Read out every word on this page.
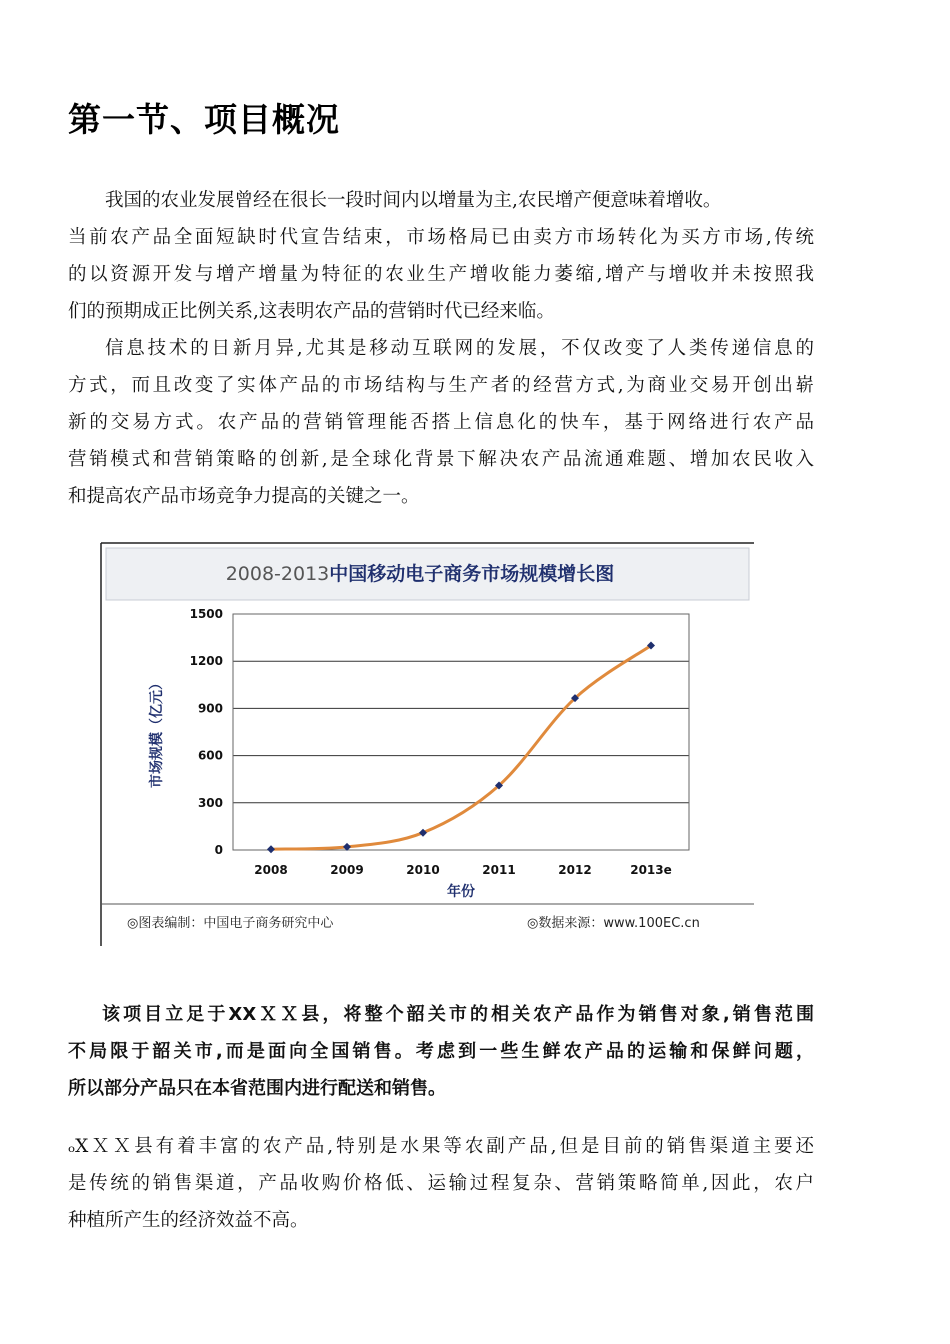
第一节、项目概况
我国的农业发展曾经在很长一段时间内以增量为主,农民增产便意味着增收。
当前农产品全面短缺时代宣告结束，市场格局已由卖方市场转化为买方市场,传统
的以资源开发与增产增量为特征的农业生产增收能力萎缩,增产与增收并未按照我
们的预期成正比例关系,这表明农产品的营销时代已经来临。
信息技术的日新月异,尤其是移动互联网的发展，不仅改变了人类传递信息的
方式，而且改变了实体产品的市场结构与生产者的经营方式,为商业交易开创出崭
新的交易方式。农产品的营销管理能否搭上信息化的快车，基于网络进行农产品
营销模式和营销策略的创新,是全球化背景下解决农产品流通难题、增加农民收入
和提高农产品市场竞争力提高的关键之一。
2008-2013中国移动电子商务市场规模增长图
0
300
600
900
1200
1500
2008	2009	2010	2011	2012	2013e
年份
市场规模（亿元）
◎图表编制：中国电子商务研究中心	◎数据来源：www.100EC.cn
该项目立足于XXＸＸ县，将整个韶关市的相关农产品作为销售对象,销售范围
不局限于韶关市,而是面向全国销售。考虑到一些生鲜农产品的运输和保鲜问题，
所以部分产品只在本省范围内进行配送和销售。
ₒXＸＸ县有着丰富的农产品,特别是水果等农副产品,但是目前的销售渠道主要还
是传统的销售渠道，产品收购价格低、运输过程复杂、营销策略简单,因此，农户
种植所产生的经济效益不高。
